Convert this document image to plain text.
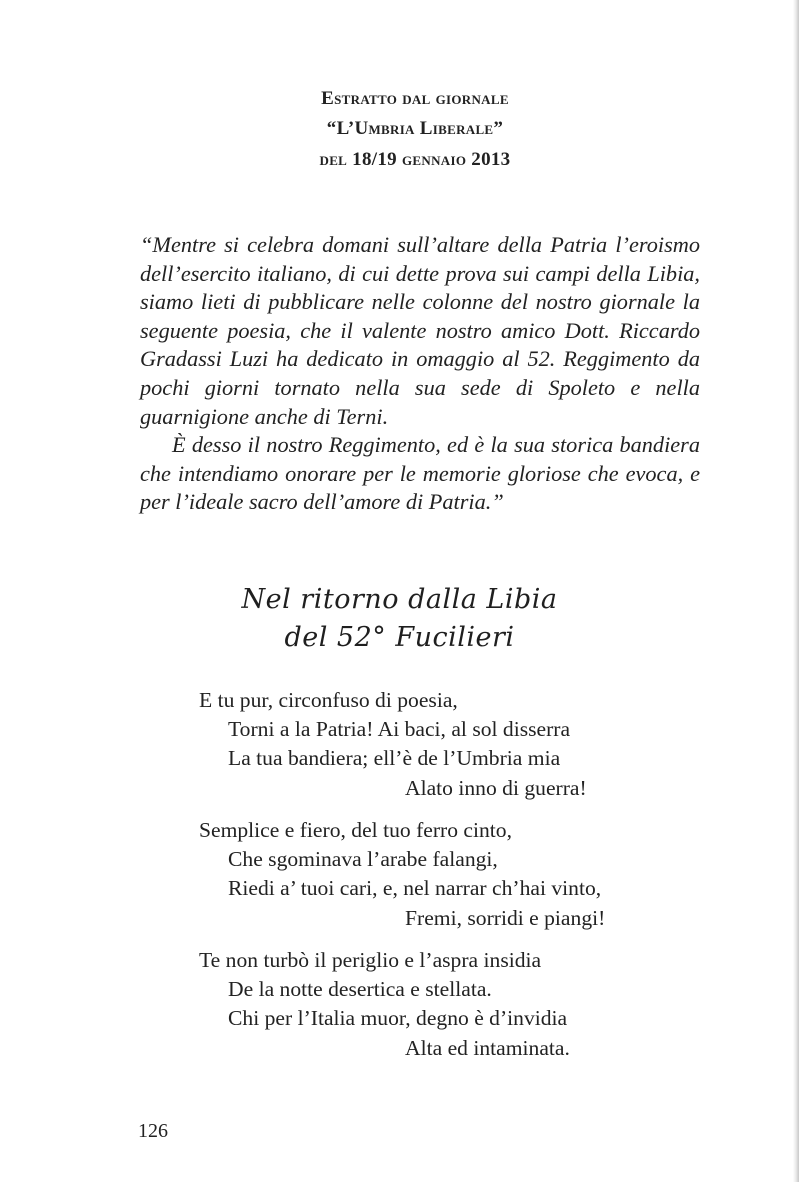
Estratto dal giornale
“L’Umbria Liberale”
del 18/19 gennaio 2013

“Mentre si celebra domani sull’altare della Patria l’eroismo dell’esercito italiano, di cui dette prova sui campi della Libia, siamo lieti di pubblicare nelle colonne del nostro giornale la seguente poesia, che il valente nostro amico Dott. Riccardo Gradassi Luzi ha dedicato in omaggio al 52. Reggimento da pochi giorni tornato nella sua sede di Spoleto e nella guarnigione anche di Terni.

È desso il nostro Reggimento, ed è la sua storica bandiera che intendiamo onorare per le memorie gloriose che evoca, e per l’ideale sacro dell’amore di Patria.”

Nel ritorno dalla Libia
del 52° Fucilieri
E tu pur, circonfuso di poesia,
Torni a la Patria! Ai baci, al sol disserra
La tua bandiera; ell’è de l’Umbria mia
Alato inno di guerra!
Semplice e fiero, del tuo ferro cinto,
Che sgominava l’arabe falangi,
Riedi a’ tuoi cari, e, nel narrar ch’hai vinto,
Fremi, sorridi e piangi!
Te non turbò il periglio e l’aspra insidia
De la notte desertica e stellata.
Chi per l’Italia muor, degno è d’invidia
Alta ed intaminata.
126
